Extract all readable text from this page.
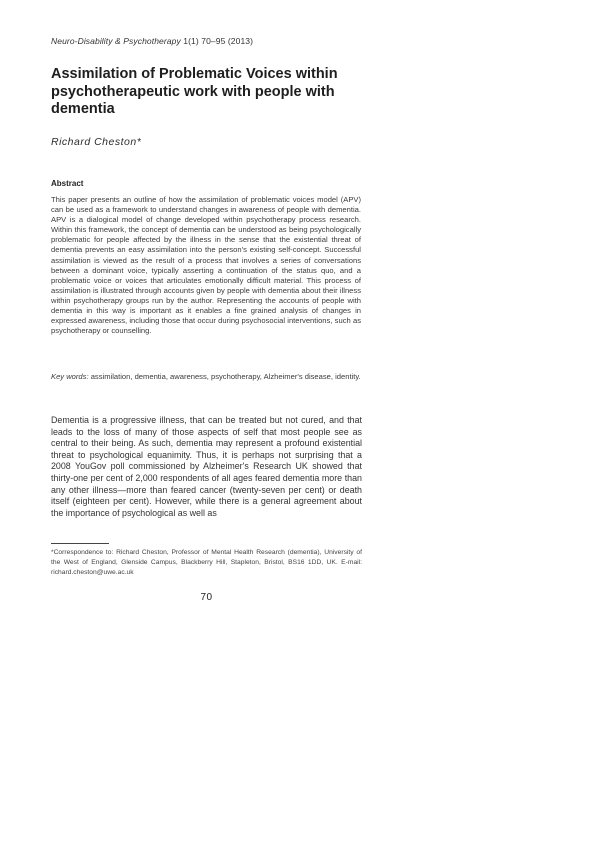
Neuro-Disability & Psychotherapy 1(1) 70–95 (2013)
Assimilation of Problematic Voices within psychotherapeutic work with people with dementia
Richard Cheston*
Abstract

This paper presents an outline of how the assimilation of problematic voices model (APV) can be used as a framework to understand changes in awareness of people with dementia. APV is a dialogical model of change developed within psychotherapy process research. Within this framework, the concept of dementia can be understood as being psychologically problematic for people affected by the illness in the sense that the existential threat of dementia prevents an easy assimilation into the person's existing self-concept. Successful assimilation is viewed as the result of a process that involves a series of conversations between a dominant voice, typically asserting a continuation of the status quo, and a problematic voice or voices that articulates emotionally difficult material. This process of assimilation is illustrated through accounts given by people with dementia about their illness within psychotherapy groups run by the author. Representing the accounts of people with dementia in this way is important as it enables a fine grained analysis of changes in expressed awareness, including those that occur during psychosocial interventions, such as psychotherapy or counselling.

Key words: assimilation, dementia, awareness, psychotherapy, Alzheimer's disease, identity.

Dementia is a progressive illness, that can be treated but not cured, and that leads to the loss of many of those aspects of self that most people see as central to their being. As such, dementia may represent a profound existential threat to psychological equanimity. Thus, it is perhaps not surprising that a 2008 YouGov poll commissioned by Alzheimer's Research UK showed that thirty-one per cent of 2,000 respondents of all ages feared dementia more than any other illness—more than feared cancer (twenty-seven per cent) or death itself (eighteen per cent). However, while there is a general agreement about the importance of psychological as well as

*Correspondence to: Richard Cheston, Professor of Mental Health Research (dementia), University of the West of England, Glenside Campus, Blackberry Hill, Stapleton, Bristol, BS16 1DD, UK. E-mail: richard.cheston@uwe.ac.uk

70
